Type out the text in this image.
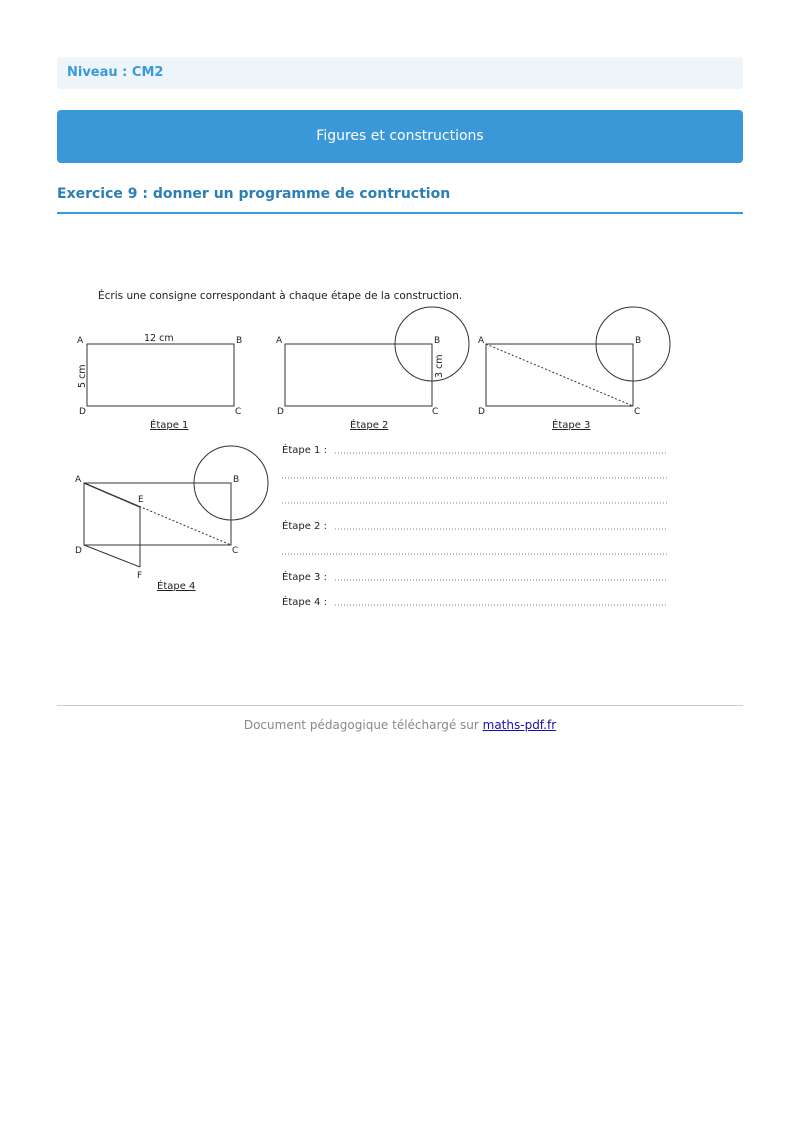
Niveau : CM2
Figures et constructions
Exercice 9 : donner un programme de contruction
Écris une consigne correspondant à chaque étape de la construction.
A	B
D	C
12 cm
5 cm
Étape 1
A	B
D	C
3 cm
Étape 2
A	B
D	C
Étape 3
A	B
E
D	C
F
Étape 4
Étape 1 :
Étape 2 :
Étape 3 :
Étape 4 :
Document pédagogique téléchargé sur maths-pdf.fr
